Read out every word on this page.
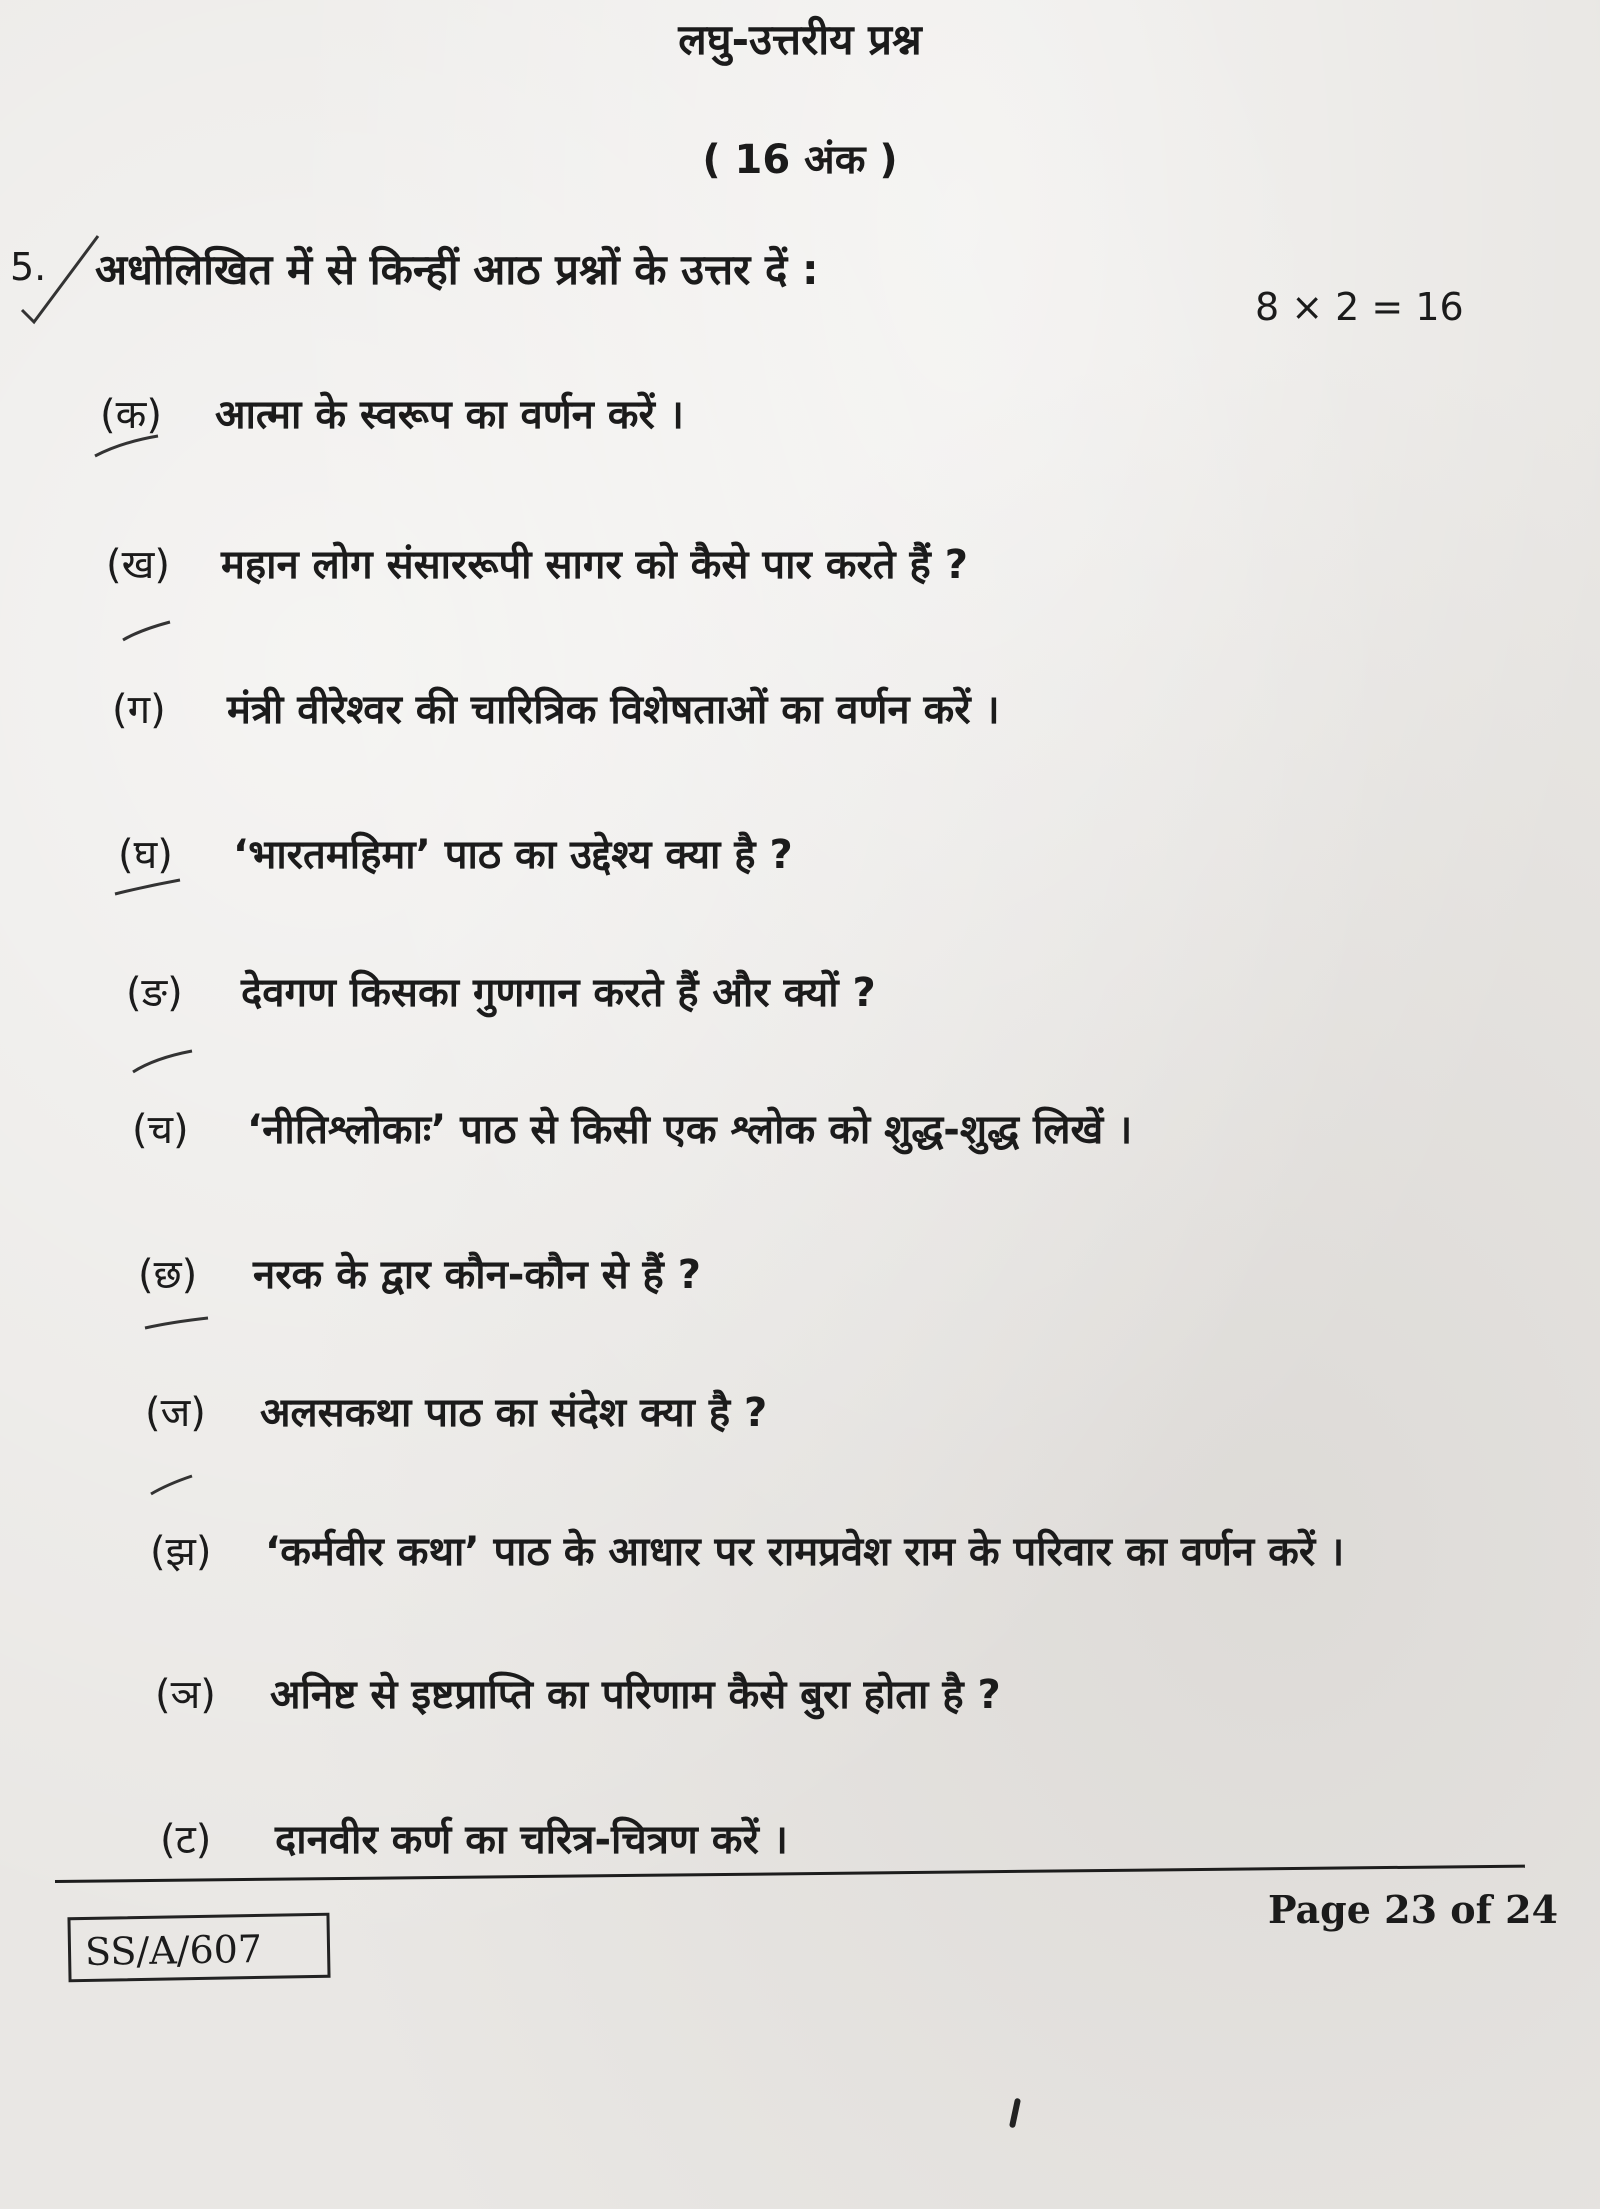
लघु-उत्तरीय प्रश्न
( 16 अंक )
5. अधोलिखित में से किन्हीं आठ प्रश्नों के उत्तर दें :
8 × 2 = 16
(क) आत्मा के स्वरूप का वर्णन करें ।
(ख) महान लोग संसाररूपी सागर को कैसे पार करते हैं ?
(ग) मंत्री वीरेश्वर की चारित्रिक विशेषताओं का वर्णन करें ।
(घ) ‘भारतमहिमा’ पाठ का उद्देश्य क्या है ?
(ङ) देवगण किसका गुणगान करते हैं और क्यों ?
(च) ‘नीतिश्लोकाः’ पाठ से किसी एक श्लोक को शुद्ध-शुद्ध लिखें ।
(छ) नरक के द्वार कौन-कौन से हैं ?
(ज) अलसकथा पाठ का संदेश क्या है ?
(झ) ‘कर्मवीर कथा’ पाठ के आधार पर रामप्रवेश राम के परिवार का वर्णन करें ।
(ञ) अनिष्ट से इष्टप्राप्ति का परिणाम कैसे बुरा होता है ?
(ट) दानवीर कर्ण का चरित्र-चित्रण करें ।
SS/A/607
Page 23 of 24
